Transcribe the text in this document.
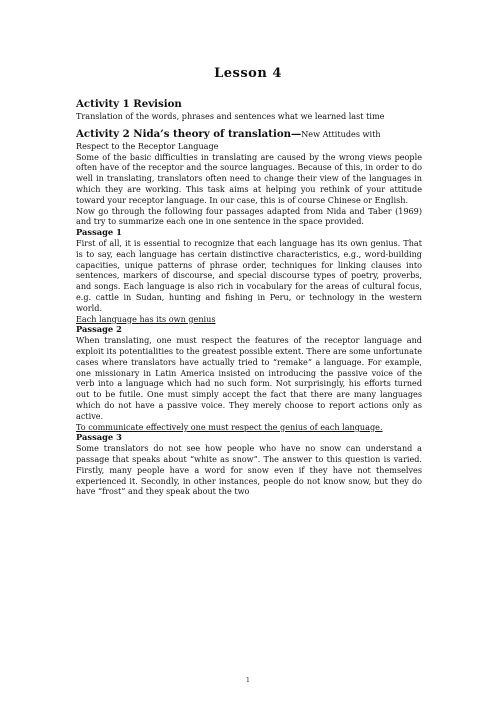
Lesson 4

Activity 1 Revision

Translation of the words, phrases and sentences what we learned last time

Activity 2 Nida’s theory of translation—New Attitudes with

Respect to the Receptor Language

Some of the basic difficulties in translating are caused by the wrong views people often have of the receptor and the source languages. Because of this, in order to do well in translating, translators often need to change their view of the languages in which they are working. This task aims at helping you rethink of your attitude toward your receptor language. In our case, this is of course Chinese or English.

Now go through the following four passages adapted from Nida and Taber (1969) and try to summarize each one in one sentence in the space provided.

Passage 1

First of all, it is essential to recognize that each language has its own genius. That is to say, each language has certain distinctive characteristics, e.g., word-building capacities, unique patterns of phrase order, techniques for linking clauses into sentences, markers of discourse, and special discourse types of poetry, proverbs, and songs. Each language is also rich in vocabulary for the areas of cultural focus, e.g. cattle in Sudan, hunting and fishing in Peru, or technology in the western world.

Each language has its own genius

Passage 2

When translating, one must respect the features of the receptor language and exploit its potentialities to the greatest possible extent. There are some unfortunate cases where translators have actually tried to “remake” a language. For example, one missionary in Latin America insisted on introducing the passive voice of the verb into a language which had no such form. Not surprisingly, his efforts turned out to be futile. One must simply accept the fact that there are many languages which do not have a passive voice. They merely choose to report actions only as active.

To communicate effectively one must respect the genius of each language.

Passage 3

Some translators do not see how people who have no snow can understand a passage that speaks about “white as snow”. The answer to this question is varied. Firstly, many people have a word for snow even if they have not themselves experienced it. Secondly, in other instances, people do not know snow, but they do have “frost” and they speak about the two

1
